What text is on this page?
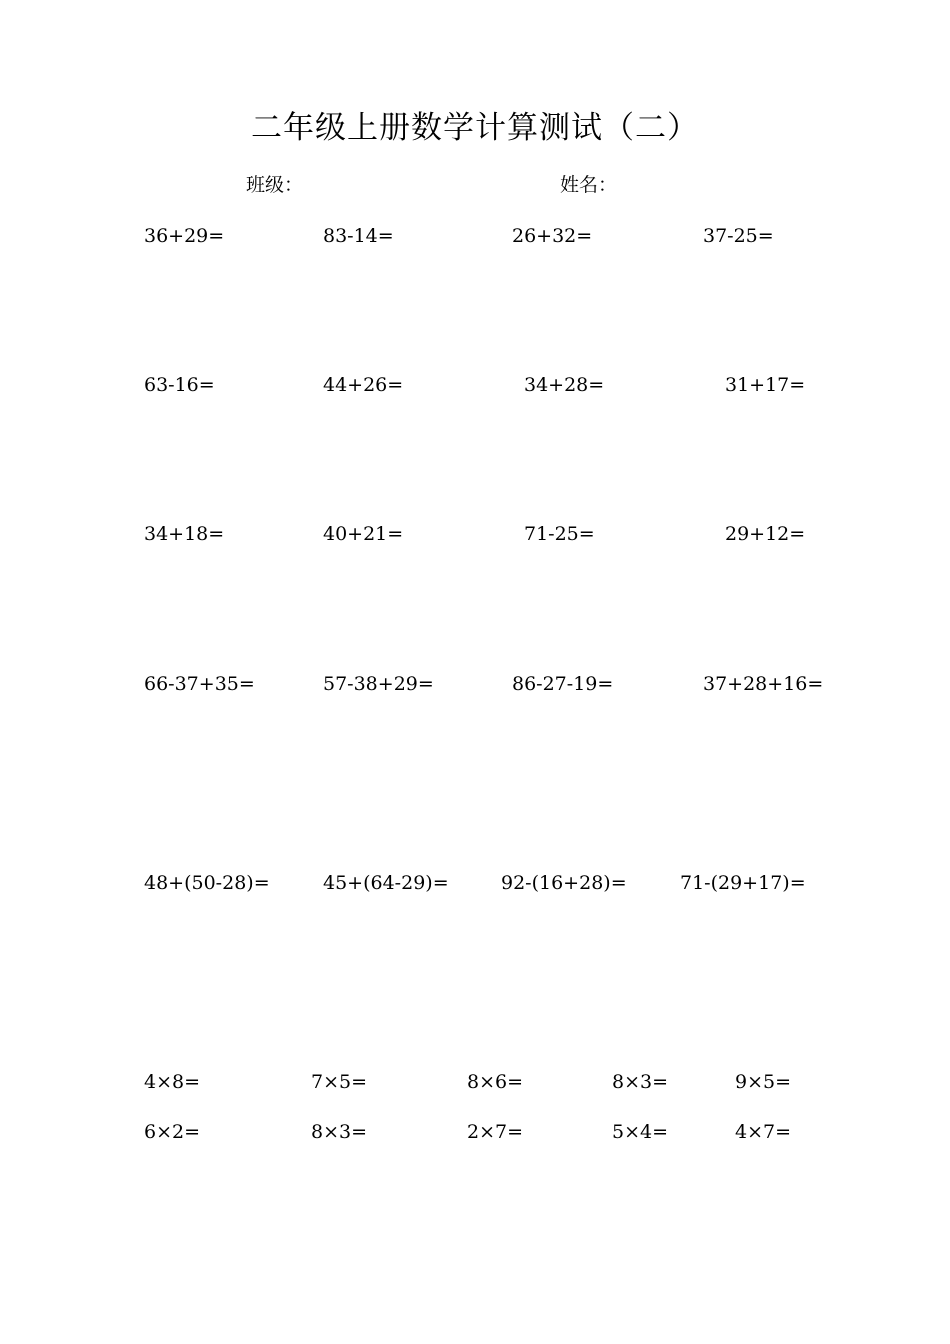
二年级上册数学计算测试（二）
班级：	姓名：
36+29=	83-14=	26+32=	37-25=
63-16=	44+26=	34+28=	31+17=
34+18=	40+21=	71-25=	29+12=
66-37+35=	57-38+29=	86-27-19=	37+28+16=
48+(50-28)=	45+(64-29)=	92-(16+28)=	71-(29+17)=
4×8=	7×5=	8×6=	8×3=	9×5=
6×2=	8×3=	2×7=	5×4=	4×7=
